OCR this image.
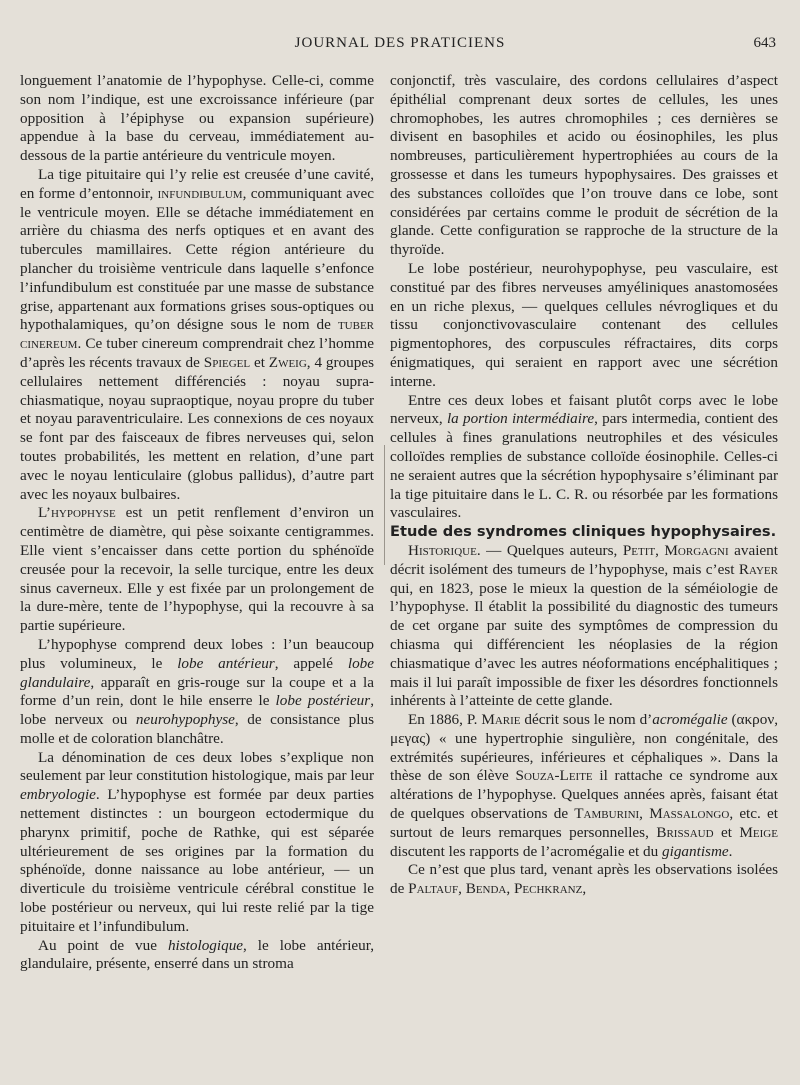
JOURNAL DES PRATICIENS	643

longuement l’anatomie de l’hypophyse. Celle-ci, comme son nom l’indique, est une excroissance inférieure (par opposition à l’épiphyse ou expansion supérieure) appendue à la base du cerveau, immédiatement au-dessous de la partie antérieure du ventricule moyen.

La tige pituitaire qui l’y relie est creusée d’une cavité, en forme d’entonnoir, infundibulum, communiquant avec le ventricule moyen. Elle se détache immédiatement en arrière du chiasma des nerfs optiques et en avant des tubercules mamillaires. Cette région antérieure du plancher du troisième ventricule dans laquelle s’enfonce l’infundibulum est constituée par une masse de substance grise, appartenant aux formations grises sous-optiques ou hypothalamiques, qu’on désigne sous le nom de tuber cinereum. Ce tuber cinereum comprendrait chez l’homme d’après les récents travaux de Spiegel et Zweig, 4 groupes cellulaires nettement différenciés : noyau supra-chiasmatique, noyau supraoptique, noyau propre du tuber et noyau paraventriculaire. Les connexions de ces noyaux se font par des faisceaux de fibres nerveuses qui, selon toutes probabilités, les mettent en relation, d’une part avec le noyau lenticulaire (globus pallidus), d’autre part avec les noyaux bulbaires.

L’hypophyse est un petit renflement d’environ un centimètre de diamètre, qui pèse soixante centigrammes. Elle vient s’encaisser dans cette portion du sphénoïde creusée pour la recevoir, la selle turcique, entre les deux sinus caverneux. Elle y est fixée par un prolongement de la dure-mère, tente de l’hypophyse, qui la recouvre à sa partie supérieure.

L’hypophyse comprend deux lobes : l’un beaucoup plus volumineux, le lobe antérieur, appelé lobe glandulaire, apparaît en gris-rouge sur la coupe et a la forme d’un rein, dont le hile enserre le lobe postérieur, lobe nerveux ou neurohypophyse, de consistance plus molle et de coloration blanchâtre.

La dénomination de ces deux lobes s’explique non seulement par leur constitution histologique, mais par leur embryologie. L’hypophyse est formée par deux parties nettement distinctes : un bourgeon ectodermique du pharynx primitif, poche de Rathke, qui est séparée ultérieurement de ses origines par la formation du sphénoïde, donne naissance au lobe antérieur, — un diverticule du troisième ventricule cérébral constitue le lobe postérieur ou nerveux, qui lui reste relié par la tige pituitaire et l’infundibulum.

Au point de vue histologique, le lobe antérieur, glandulaire, présente, enserré dans un stroma

conjonctif, très vasculaire, des cordons cellulaires d’aspect épithélial comprenant deux sortes de cellules, les unes chromophobes, les autres chromophiles ; ces dernières se divisent en basophiles et acido ou éosinophiles, les plus nombreuses, particulièrement hypertrophiées au cours de la grossesse et dans les tumeurs hypophysaires. Des graisses et des substances colloïdes que l’on trouve dans ce lobe, sont considérées par certains comme le produit de sécrétion de la glande. Cette configuration se rapproche de la structure de la thyroïde.

Le lobe postérieur, neurohypophyse, peu vasculaire, est constitué par des fibres nerveuses amyéliniques anastomosées en un riche plexus, — quelques cellules névrogliques et du tissu conjonctivovasculaire contenant des cellules pigmentophores, des corpuscules réfractaires, dits corps énigmatiques, qui seraient en rapport avec une sécrétion interne.

Entre ces deux lobes et faisant plutôt corps avec le lobe nerveux, la portion intermédiaire, pars intermedia, contient des cellules à fines granulations neutrophiles et des vésicules colloïdes remplies de substance colloïde éosinophile. Celles-ci ne seraient autres que la sécrétion hypophysaire s’éliminant par la tige pituitaire dans le L. C. R. ou résorbée par les formations vasculaires.

Etude des syndromes cliniques hypophysaires.

Historique. — Quelques auteurs, Petit, Morgagni avaient décrit isolément des tumeurs de l’hypophyse, mais c’est Rayer qui, en 1823, pose le mieux la question de la séméiologie de l’hypophyse. Il établit la possibilité du diagnostic des tumeurs de cet organe par suite des symptômes de compression du chiasma qui différencient les néoplasies de la région chiasmatique d’avec les autres néoformations encéphalitiques ; mais il lui paraît impossible de fixer les désordres fonctionnels inhérents à l’atteinte de cette glande.

En 1886, P. Marie décrit sous le nom d’acromégalie (ακρον, μεγας) « une hypertrophie singulière, non congénitale, des extrémités supérieures, inférieures et céphaliques ». Dans la thèse de son élève Souza-Leite il rattache ce syndrome aux altérations de l’hypophyse. Quelques années après, faisant état de quelques observations de Tamburini, Massalongo, etc. et surtout de leurs remarques personnelles, Brissaud et Meige discutent les rapports de l’acromégalie et du gigantisme.

Ce n’est que plus tard, venant après les observations isolées de Paltauf, Benda, Pechkranz,
